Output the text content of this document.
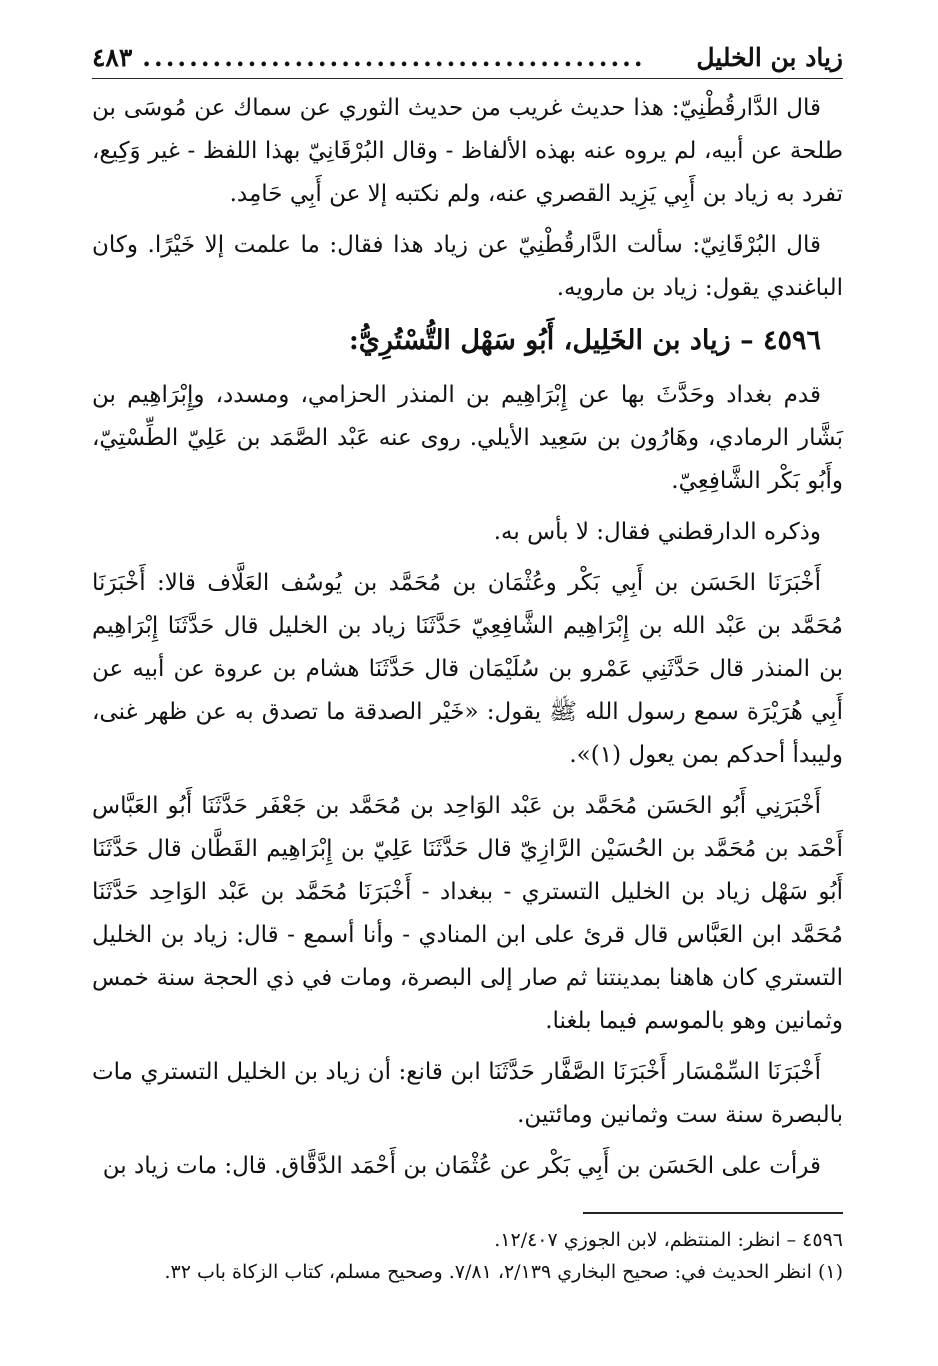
زياد بن الخليل
...........................................
٤٨٣

قال الدَّارقُطْنِيّ: هذا حديث غريب من حديث الثوري عن سماك عن مُوسَى بن طلحة عن أبيه، لم يروه عنه بهذه الألفاظ - وقال البُرْقَانِيّ بهذا اللفظ - غير وَكِيع، تفرد به زياد بن أَبِي يَزِيد القصري عنه، ولم نكتبه إلا عن أَبِي حَامِد.

قال البُرْقَانِيّ: سألت الدَّارقُطْنِيّ عن زياد هذا فقال: ما علمت إلا خَيْرًا. وكان الباغندي يقول: زياد بن مارويه.

٤٥٩٦ – زياد بن الخَلِيل، أَبُو سَهْل التُّسْتُرِيُّ:

قدم بغداد وحَدَّثَ بها عن إِبْرَاهِيم بن المنذر الحزامي، ومسدد، وإِبْرَاهِيم بن بَشَّار الرمادي، وهَارُون بن سَعِيد الأيلي. روى عنه عَبْد الصَّمَد بن عَلِيّ الطِّسْتِيّ، وأَبُو بَكْر الشَّافِعِيّ.

وذكره الدارقطني فقال: لا بأس به.

أَخْبَرَنَا الحَسَن بن أَبِي بَكْر وعُثْمَان بن مُحَمَّد بن يُوسُف العَلَّاف قالا: أَخْبَرَنَا مُحَمَّد بن عَبْد الله بن إِبْرَاهِيم الشَّافِعِيّ حَدَّثَنَا زياد بن الخليل قال حَدَّثَنَا إِبْرَاهِيم بن المنذر قال حَدَّثَنِي عَمْرو بن سُلَيْمَان قال حَدَّثَنَا هشام بن عروة عن أبيه عن أَبِي هُرَيْرَة سمع رسول الله ﷺ يقول: «خَيْر الصدقة ما تصدق به عن ظهر غنى، وليبدأ أحدكم بمن يعول (١)».

أَخْبَرَنِي أَبُو الحَسَن مُحَمَّد بن عَبْد الوَاحِد بن مُحَمَّد بن جَعْفَر حَدَّثَنَا أَبُو العَبَّاس أَحْمَد بن مُحَمَّد بن الحُسَيْن الرَّازِيّ قال حَدَّثَنَا عَلِيّ بن إِبْرَاهِيم القَطَّان قال حَدَّثَنَا أَبُو سَهْل زياد بن الخليل التستري - ببغداد - أَخْبَرَنَا مُحَمَّد بن عَبْد الوَاحِد حَدَّثَنَا مُحَمَّد ابن العَبَّاس قال قرئ على ابن المنادي - وأنا أسمع - قال: زياد بن الخليل التستري كان هاهنا بمدينتنا ثم صار إلى البصرة، ومات في ذي الحجة سنة خمس وثمانين وهو بالموسم فيما بلغنا.

أَخْبَرَنَا السِّمْسَار أَخْبَرَنَا الصَّفَّار حَدَّثَنَا ابن قانع: أن زياد بن الخليل التستري مات بالبصرة سنة ست وثمانين ومائتين.

قرأت على الحَسَن بن أَبِي بَكْر عن عُثْمَان بن أَحْمَد الدَّقَّاق. قال: مات زياد بن

٤٥٩٦ – انظر: المنتظم، لابن الجوزي ١٢/٤٠٧.

(١) انظر الحديث في: صحيح البخاري ٢/١٣٩، ٧/٨١. وصحيح مسلم، كتاب الزكاة باب ٣٢.
